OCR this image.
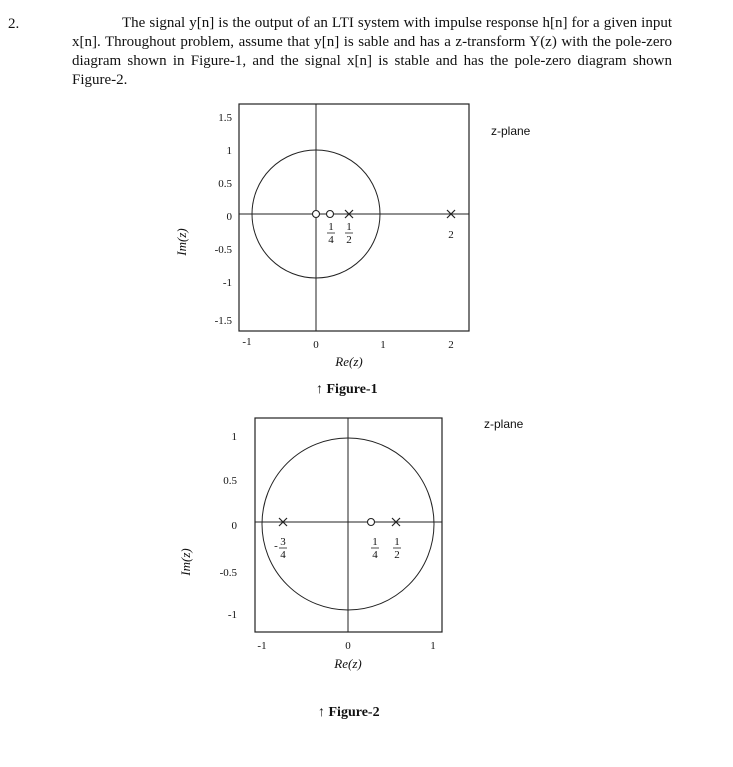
2.	The signal y[n] is the output of an LTI system with impulse response h[n] for a given input x[n]. Throughout problem, assume that y[n] is sable and has a z-transform Y(z) with the pole-zero diagram shown in Figure-1, and the signal x[n] is stable and has the pole-zero diagram shown Figure-2.
1.5
1
0.5
0
-0.5
-1
-1.5
-1	0	1	2
Im(z)
Re(z)
z-plane
↑ Figure-1
1
4
1
2	2
1
0.5
0
-0.5
-1
-1	0	1
Im(z)
Re(z)
z-plane
↑ Figure-2
- 3
4
1
4
1
2
